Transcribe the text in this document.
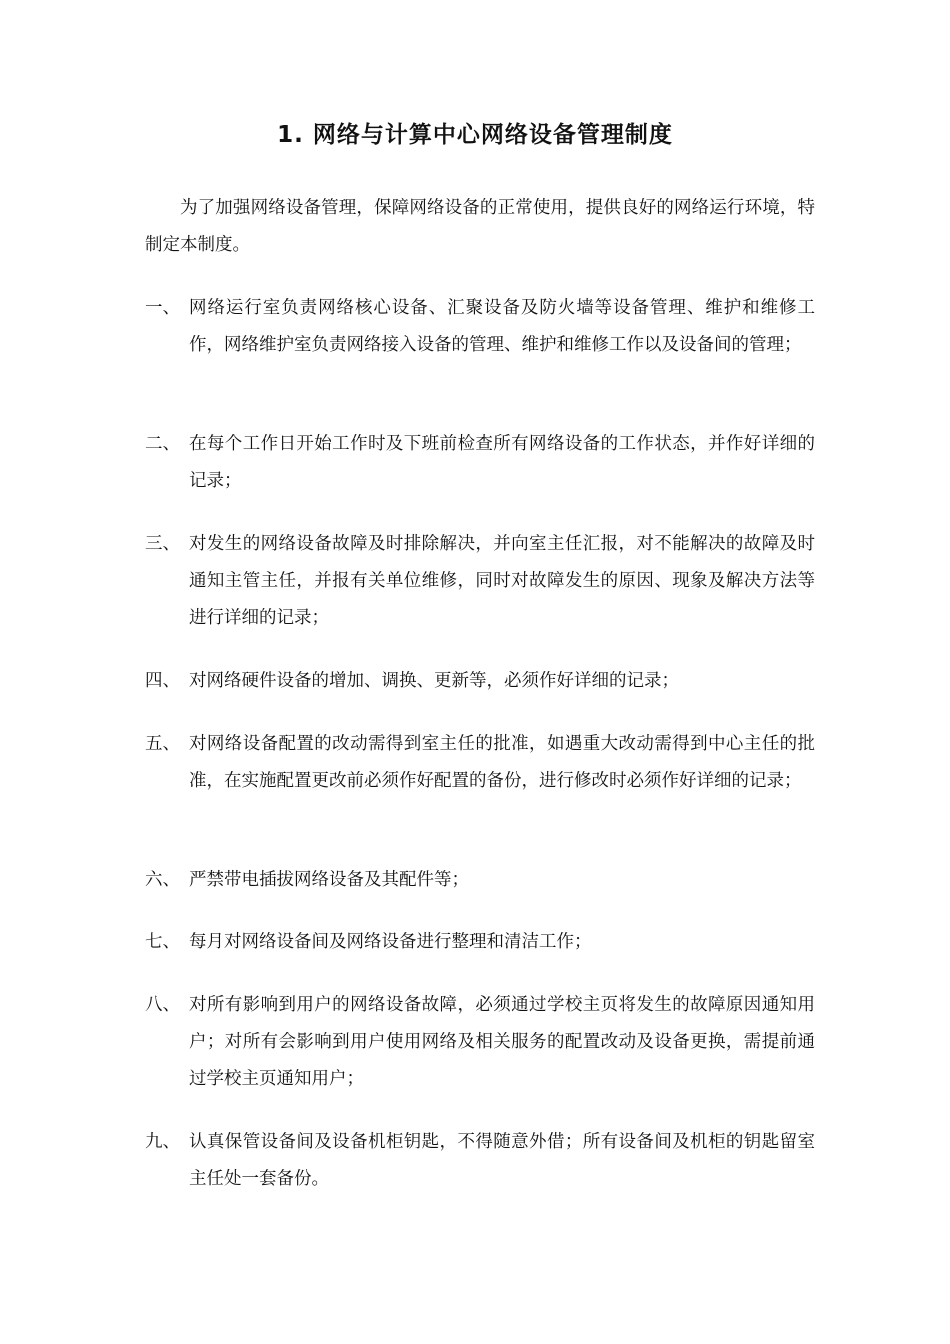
1. 网络与计算中心网络设备管理制度
为了加强网络设备管理，保障网络设备的正常使用，提供良好的网络运行环境，特制定本制度。
一、 网络运行室负责网络核心设备、汇聚设备及防火墙等设备管理、维护和维修工作，网络维护室负责网络接入设备的管理、维护和维修工作以及设备间的管理；
二、 在每个工作日开始工作时及下班前检查所有网络设备的工作状态，并作好详细的记录；
三、 对发生的网络设备故障及时排除解决，并向室主任汇报，对不能解决的故障及时通知主管主任，并报有关单位维修，同时对故障发生的原因、现象及解决方法等进行详细的记录；
四、 对网络硬件设备的增加、调换、更新等，必须作好详细的记录；
五、 对网络设备配置的改动需得到室主任的批准，如遇重大改动需得到中心主任的批准，在实施配置更改前必须作好配置的备份，进行修改时必须作好详细的记录；
六、 严禁带电插拔网络设备及其配件等；
七、 每月对网络设备间及网络设备进行整理和清洁工作；
八、 对所有影响到用户的网络设备故障，必须通过学校主页将发生的故障原因通知用户；对所有会影响到用户使用网络及相关服务的配置改动及设备更换，需提前通过学校主页通知用户；
九、 认真保管设备间及设备机柜钥匙，不得随意外借；所有设备间及机柜的钥匙留室主任处一套备份。
